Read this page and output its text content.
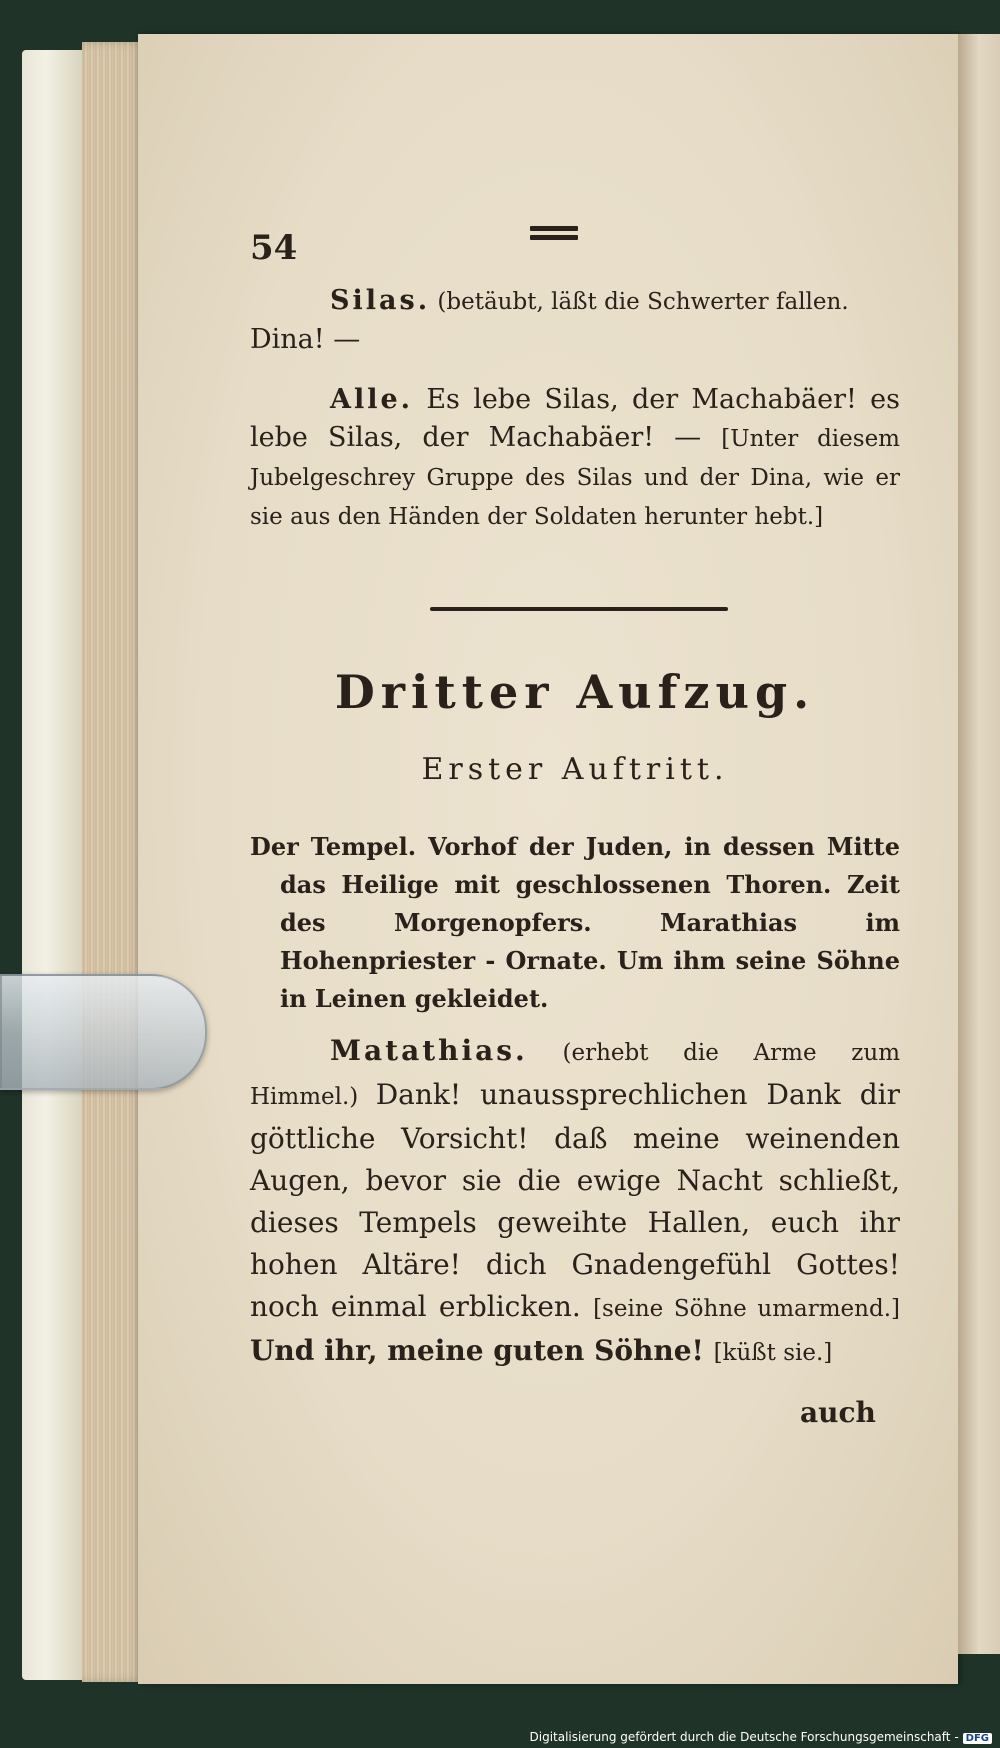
54

Silas. (betäubt, läßt die Schwerter fallen.

Dina! —

Alle. Es lebe Silas, der Machabäer! es lebe Silas, der Machabäer! — [Unter diesem Jubelgeschrey Gruppe des Silas und der Dina, wie er sie aus den Händen der Soldaten herunter hebt.]

Dritter Aufzug.
Erster Auftritt.

Der Tempel. Vorhof der Juden, in dessen Mitte das Heilige mit geschlossenen Thoren. Zeit des Morgenopfers. Marathias im Hohenpriester - Ornate. Um ihm seine Söhne in Leinen gekleidet.

Matathias. (erhebt die Arme zum Himmel.) Dank! unaussprechlichen Dank dir göttliche Vorsicht! daß meine weinenden Augen, bevor sie die ewige Nacht schließt, dieses Tempels geweihte Hallen, euch ihr hohen Altäre! dich Gnadengefühl Gottes! noch einmal erblicken. [seine Söhne umarmend.] Und ihr, meine guten Söhne! [küßt sie.]

auch
Digitalisierung gefördert durch die Deutsche Forschungsgemeinschaft - DFG
